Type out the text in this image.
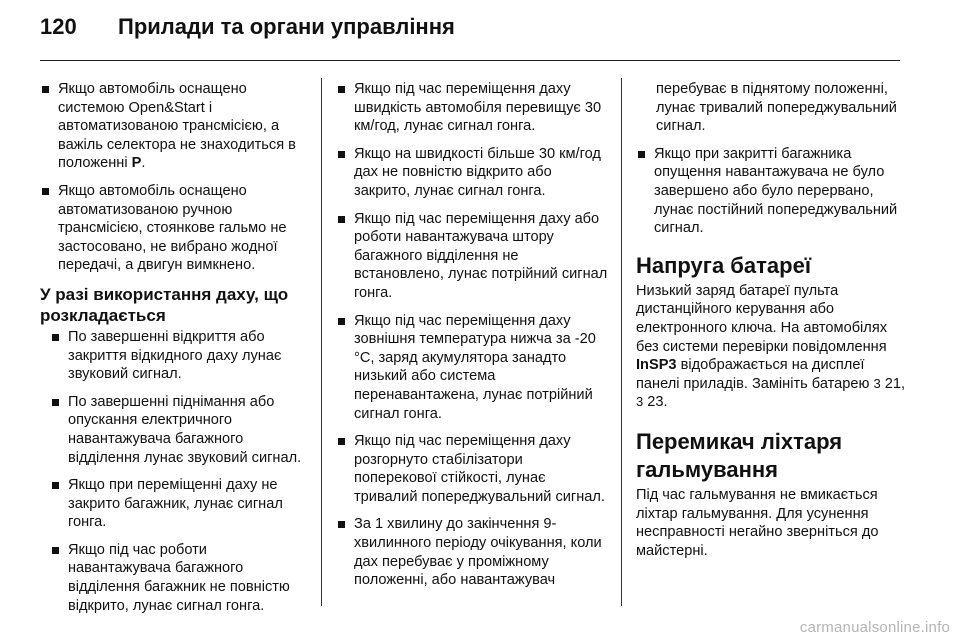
120	Прилади та органи управління
Якщо автомобіль оснащено системою Open&Start і автоматизованою трансмісією, а важіль селектора не знаходиться в положенні P.
Якщо автомобіль оснащено автоматизованою ручною трансмісією, стоянкове гальмо не застосовано, не вибрано жодної передачі, а двигун вимкнено.
У разі використання даху, що розкладається
По завершенні відкриття або закриття відкидного даху лунає звуковий сигнал.
По завершенні піднімання або опускання електричного навантажувача багажного відділення лунає звуковий сигнал.
Якщо при переміщенні даху не закрито багажник, лунає сигнал гонга.
Якщо під час роботи навантажувача багажного відділення багажник не повністю відкрито, лунає сигнал гонга.
Якщо під час переміщення даху швидкість автомобіля перевищує 30 км/год, лунає сигнал гонга.
Якщо на швидкості більше 30 км/год дах не повністю відкрито або закрито, лунає сигнал гонга.
Якщо під час переміщення даху або роботи навантажувача штору багажного відділення не встановлено, лунає потрійний сигнал гонга.
Якщо під час переміщення даху зовнішня температура нижча за -20 °C, заряд акумулятора занадто низький або система перенавантажена, лунає потрійний сигнал гонга.
Якщо під час переміщення даху розгорнуто стабілізатори поперекової стійкості, лунає тривалий попереджувальний сигнал.
За 1 хвилину до закінчення 9-хвилинного періоду очікування, коли дах перебуває у проміжному положенні, або навантажувач
перебуває в піднятому положенні, лунає тривалий попереджувальний сигнал.
Якщо при закритті багажника опущення навантажувача не було завершено або було перервано, лунає постійний попереджувальний сигнал.
Напруга батареї
Низький заряд батареї пульта дистанційного керування або електронного ключа. На автомобілях без системи перевірки повідомлення InSP3 відображається на дисплеї панелі приладів. Замініть батарею 3 21, 3 23.
Перемикач ліхтаря гальмування
Під час гальмування не вмикається ліхтар гальмування. Для усунення несправності негайно зверніться до майстерні.
carmanualsonline.info
